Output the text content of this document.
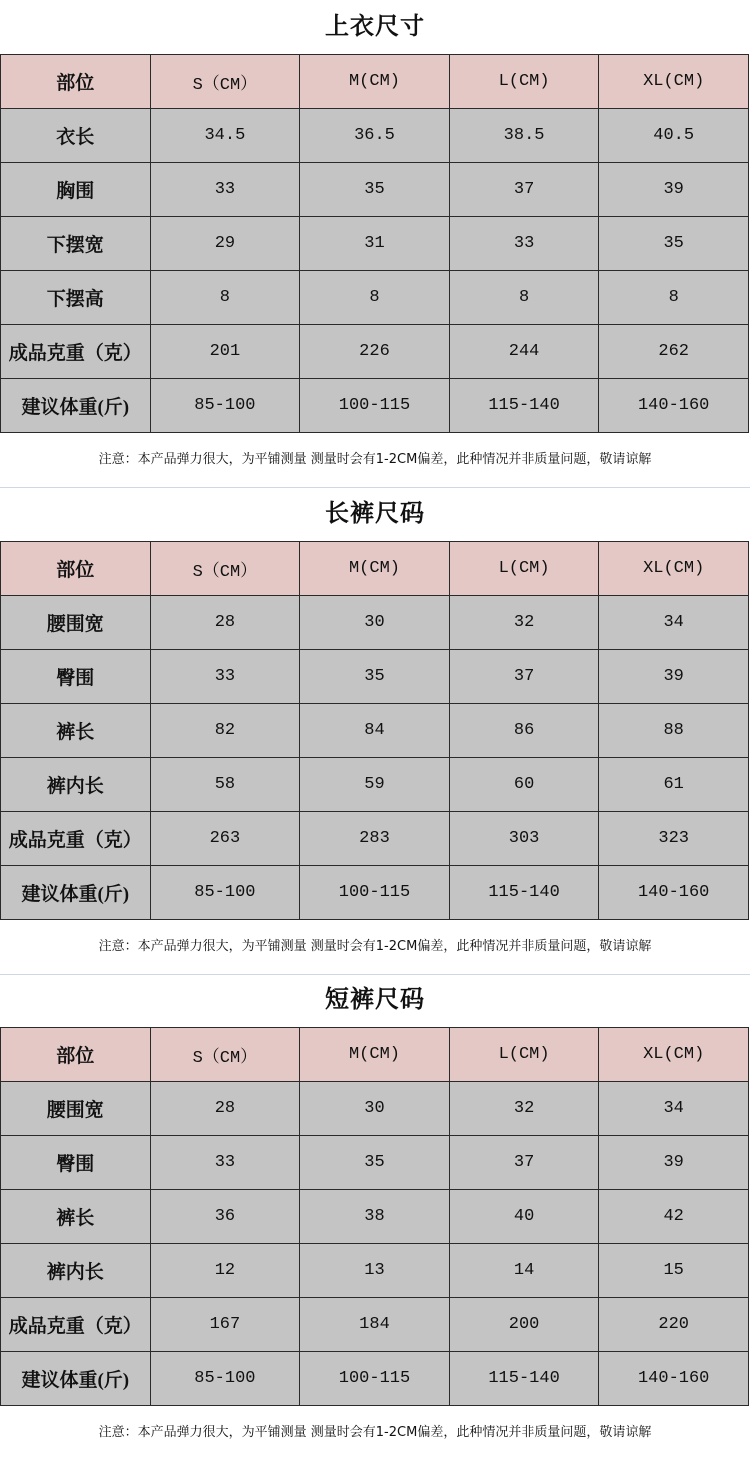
上衣尺寸
部位	S（CM）	M(CM)	L(CM)	XL(CM)
衣长	34.5	36.5	38.5	40.5
胸围	33	35	37	39
下摆宽	29	31	33	35
下摆高	8	8	8	8
成品克重（克）	201	226	244	262
建议体重(斤)	85-100	100-115	115-140	140-160
注意：本产品弹力很大，为平铺测量 测量时会有1-2CM偏差，此种情况并非质量问题，敬请谅解
长裤尺码
部位	S（CM）	M(CM)	L(CM)	XL(CM)
腰围宽	28	30	32	34
臀围	33	35	37	39
裤长	82	84	86	88
裤内长	58	59	60	61
成品克重（克）	263	283	303	323
建议体重(斤)	85-100	100-115	115-140	140-160
注意：本产品弹力很大，为平铺测量 测量时会有1-2CM偏差，此种情况并非质量问题，敬请谅解
短裤尺码
部位	S（CM）	M(CM)	L(CM)	XL(CM)
腰围宽	28	30	32	34
臀围	33	35	37	39
裤长	36	38	40	42
裤内长	12	13	14	15
成品克重（克）	167	184	200	220
建议体重(斤)	85-100	100-115	115-140	140-160
注意：本产品弹力很大，为平铺测量 测量时会有1-2CM偏差，此种情况并非质量问题，敬请谅解
